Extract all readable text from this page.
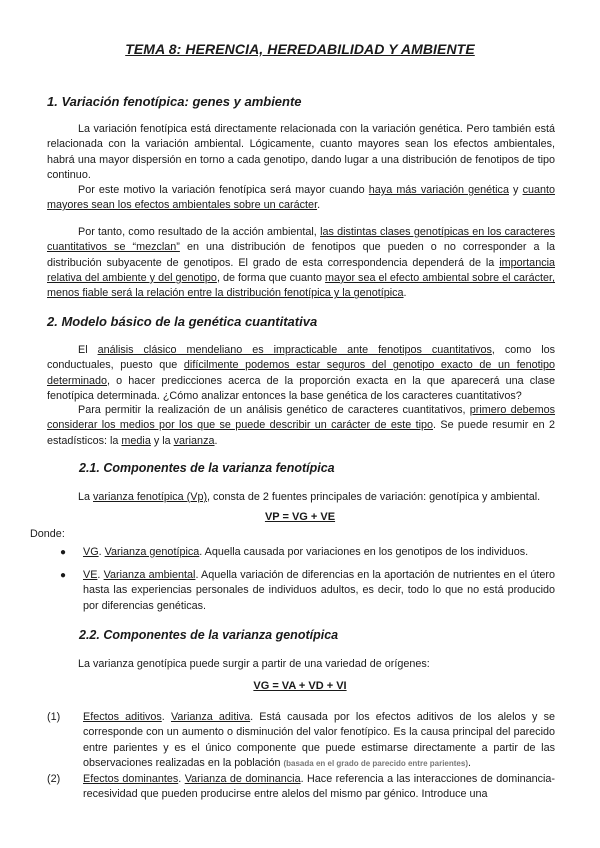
TEMA 8: HERENCIA, HEREDABILIDAD Y AMBIENTE
1. Variación fenotípica: genes y ambiente

La variación fenotípica está directamente relacionada con la variación genética. Pero también está relacionada con la variación ambiental. Lógicamente, cuanto mayores sean los efectos ambientales, habrá una mayor dispersión en torno a cada genotipo, dando lugar a una distribución de fenotipos de tipo continuo.

Por este motivo la variación fenotípica será mayor cuando haya más variación genética y cuanto mayores sean los efectos ambientales sobre un carácter.

Por tanto, como resultado de la acción ambiental, las distintas clases genotípicas en los caracteres cuantitativos se “mezclan” en una distribución de fenotipos que pueden o no corresponder a la distribución subyacente de genotipos. El grado de esta correspondencia dependerá de la importancia relativa del ambiente y del genotipo, de forma que cuanto mayor sea el efecto ambiental sobre el carácter, menos fiable será la relación entre la distribución fenotípica y la genotípica.

2. Modelo básico de la genética cuantitativa

El análisis clásico mendeliano es impracticable ante fenotipos cuantitativos, como los conductuales, puesto que difícilmente podemos estar seguros del genotipo exacto de un fenotipo determinado, o hacer predicciones acerca de la proporción exacta en la que aparecerá una clase fenotípica determinada. ¿Cómo analizar entonces la base genética de los caracteres cuantitativos?

Para permitir la realización de un análisis genético de caracteres cuantitativos, primero debemos considerar los medios por los que se puede describir un carácter de este tipo. Se puede resumir en 2 estadísticos: la media y la varianza.

2.1. Componentes de la varianza fenotípica

La varianza fenotípica (Vp), consta de 2 fuentes principales de variación: genotípica y ambiental.

VP = VG + VE
Donde:
● VG. Varianza genotípica. Aquella causada por variaciones en los genotipos de los individuos.
● VE. Varianza ambiental. Aquella variación de diferencias en la aportación de nutrientes en el útero hasta las experiencias personales de individuos adultos, es decir, todo lo que no está producido por diferencias genéticas.
2.2. Componentes de la varianza genotípica

La varianza genotípica puede surgir a partir de una variedad de orígenes:

VG = VA + VD + VI
(1) Efectos aditivos. Varianza aditiva. Está causada por los efectos aditivos de los alelos y se corresponde con un aumento o disminución del valor fenotípico. Es la causa principal del parecido entre parientes y es el único componente que puede estimarse directamente a partir de las observaciones realizadas en la población (basada en el grado de parecido entre parientes).
(2) Efectos dominantes. Varianza de dominancia. Hace referencia a las interacciones de dominancia-recesividad que pueden producirse entre alelos del mismo par génico. Introduce una
